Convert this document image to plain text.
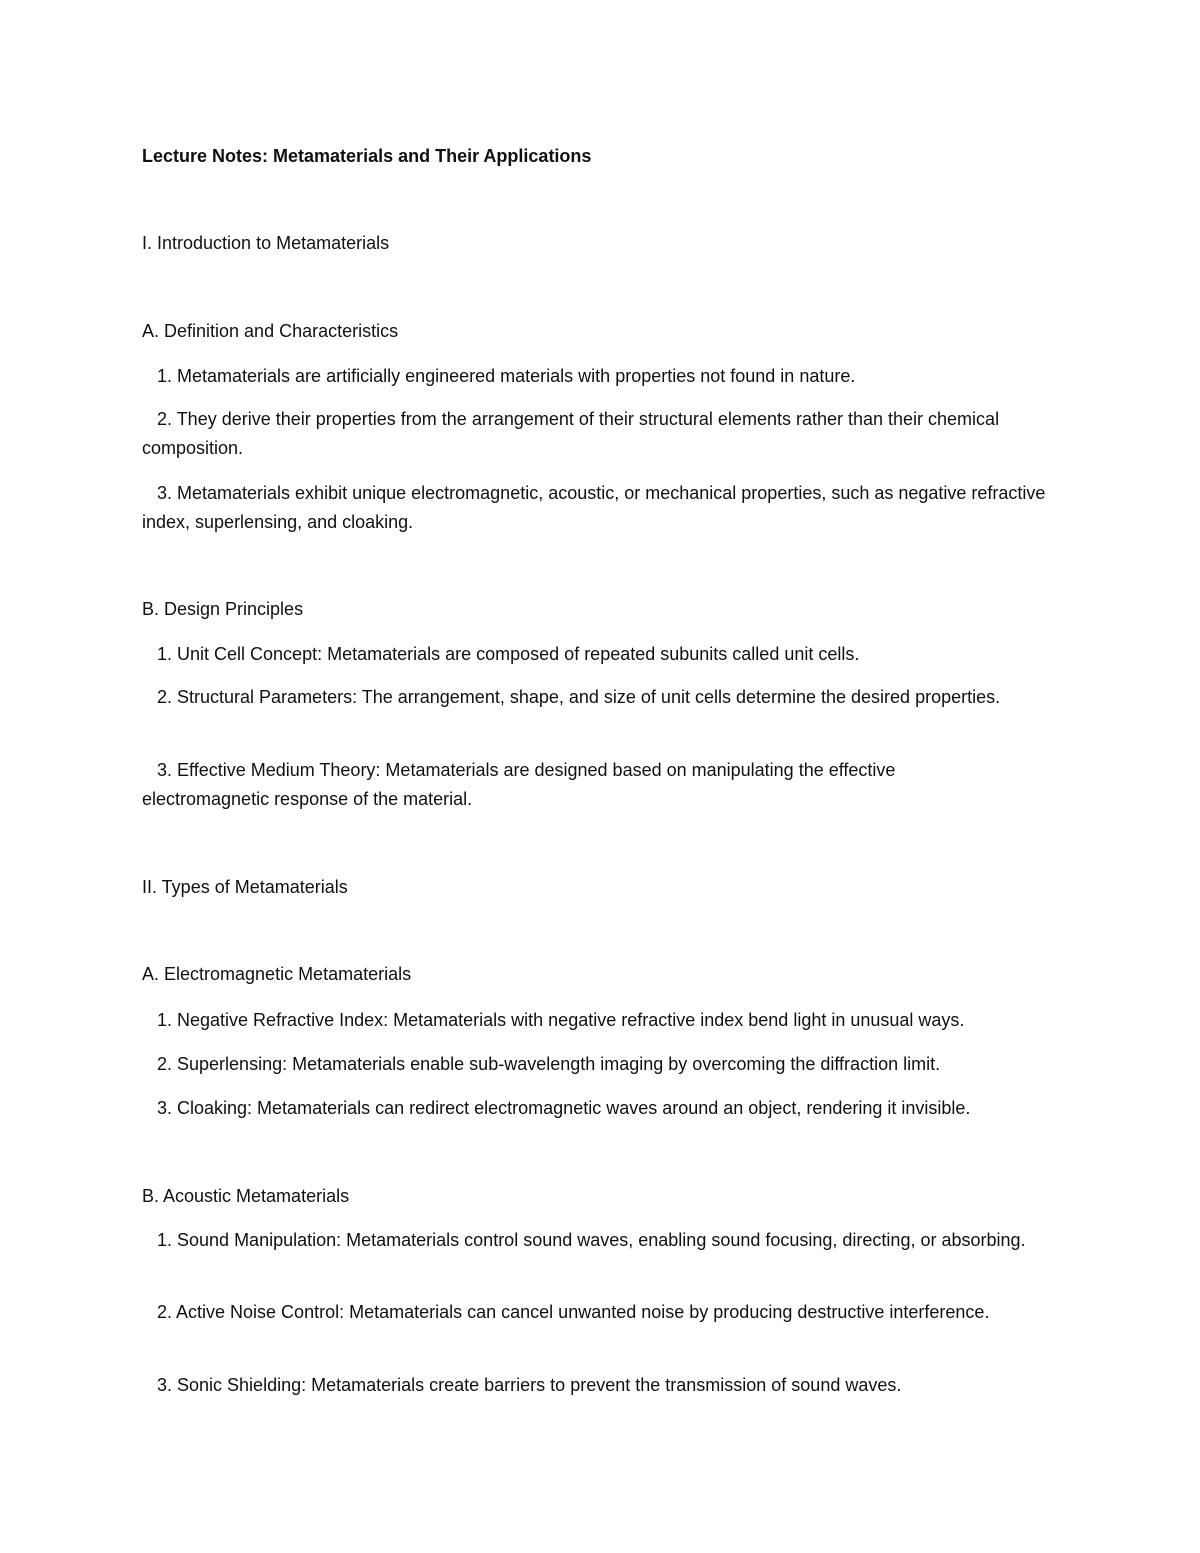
Lecture Notes: Metamaterials and Their Applications

I. Introduction to Metamaterials

A. Definition and Characteristics

1. Metamaterials are artificially engineered materials with properties not found in nature.

2. They derive their properties from the arrangement of their structural elements rather than their chemical composition.

3. Metamaterials exhibit unique electromagnetic, acoustic, or mechanical properties, such as negative refractive index, superlensing, and cloaking.

B. Design Principles

1. Unit Cell Concept: Metamaterials are composed of repeated subunits called unit cells.

2. Structural Parameters: The arrangement, shape, and size of unit cells determine the desired properties.

3. Effective Medium Theory: Metamaterials are designed based on manipulating the effective electromagnetic response of the material.

II. Types of Metamaterials

A. Electromagnetic Metamaterials

1. Negative Refractive Index: Metamaterials with negative refractive index bend light in unusual ways.

2. Superlensing: Metamaterials enable sub-wavelength imaging by overcoming the diffraction limit.

3. Cloaking: Metamaterials can redirect electromagnetic waves around an object, rendering it invisible.

B. Acoustic Metamaterials

1. Sound Manipulation: Metamaterials control sound waves, enabling sound focusing, directing, or absorbing.

2. Active Noise Control: Metamaterials can cancel unwanted noise by producing destructive interference.

3. Sonic Shielding: Metamaterials create barriers to prevent the transmission of sound waves.
